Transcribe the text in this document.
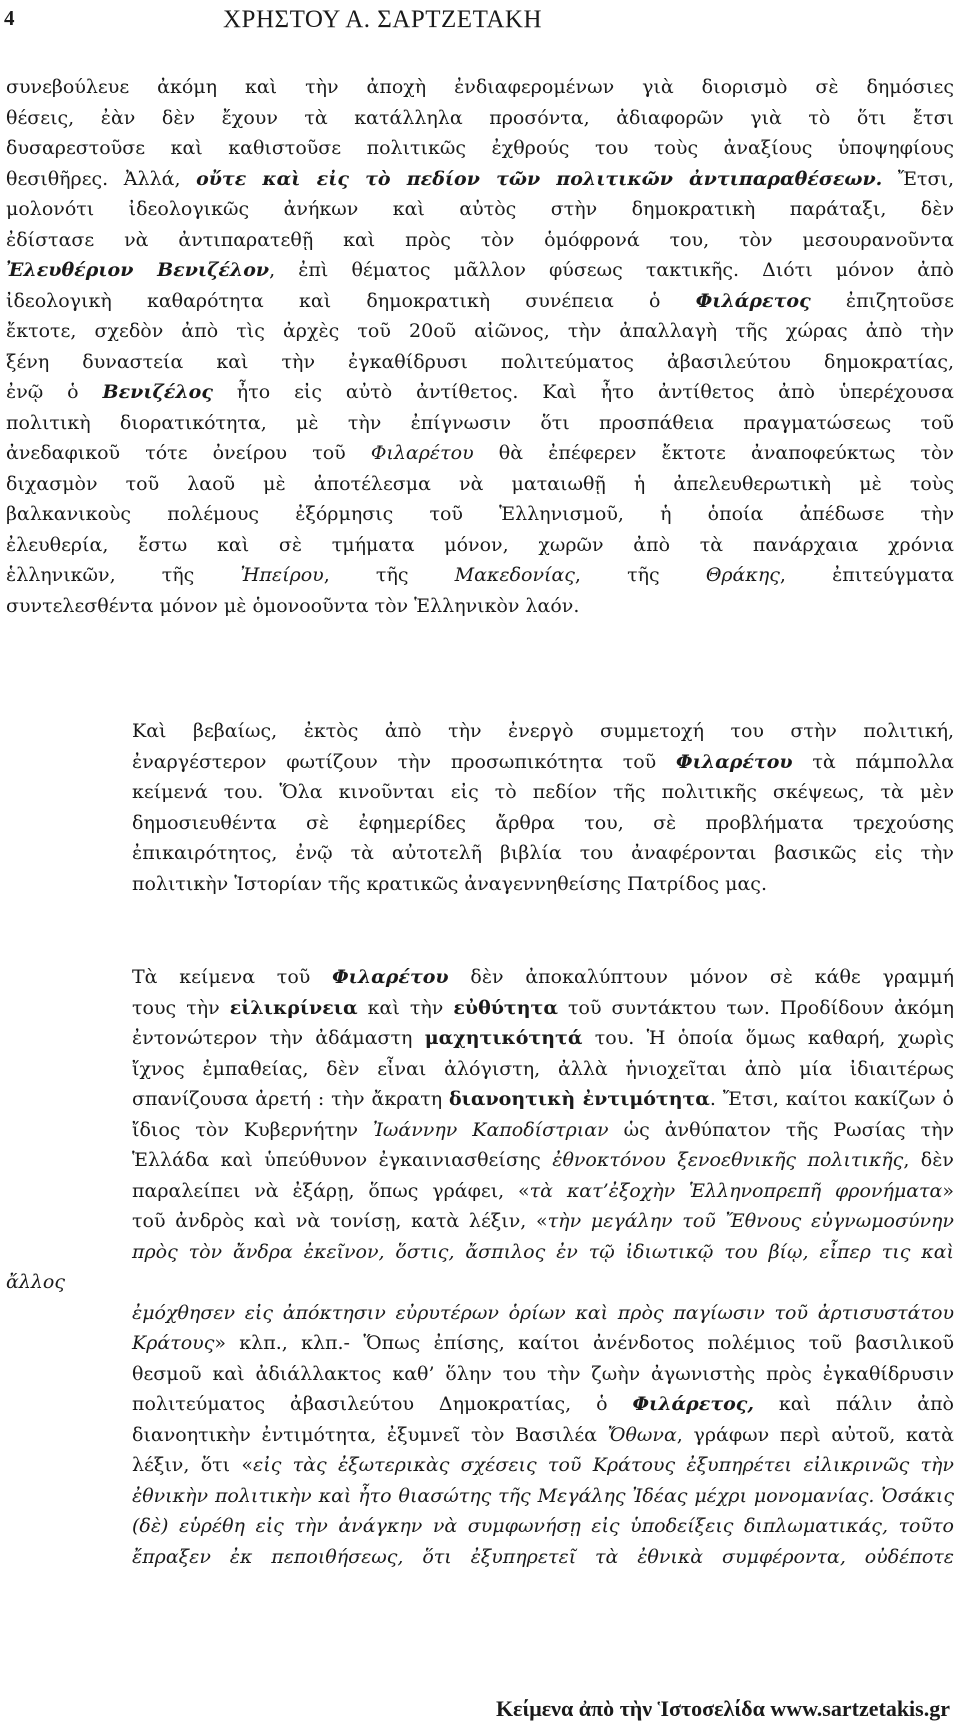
4	ΧΡΗΣΤΟΥ Α. ΣΑΡΤΖΕΤΑΚΗ
συνεβούλευε ἀκόμη καὶ τὴν ἀποχὴ ἐνδιαφερομένων γιὰ διορισμὸ σὲ δημόσιες
θέσεις, ἐὰν δὲν ἔχουν τὰ κατάλληλα προσόντα, ἀδιαφορῶν γιὰ τὸ ὅτι ἔτσι
δυσαρεστοῦσε καὶ καθιστοῦσε πολιτικῶς ἐχθρούς του τοὺς ἀναξίους ὑποψηφίους
θεσιθῆρες. Ἀλλά, οὔτε καὶ εἰς τὸ πεδίον τῶν πολιτικῶν ἀντιπαραθέσεων. Ἔτσι,
μολονότι ἰδεολογικῶς ἀνήκων καὶ αὐτὸς στὴν δημοκρατικὴ παράταξι, δὲν
ἐδίστασε νὰ ἀντιπαρατεθῇ καὶ πρὸς τὸν ὁμόφρονά του, τὸν μεσουρανοῦντα
Ἐλευθέριον Βενιζέλον, ἐπὶ θέματος μᾶλλον φύσεως τακτικῆς. Διότι μόνον ἀπὸ
ἰδεολογικὴ καθαρότητα καὶ δημοκρατικὴ συνέπεια ὁ Φιλάρετος ἐπιζητοῦσε
ἔκτοτε, σχεδὸν ἀπὸ τὶς ἀρχὲς τοῦ 20οῦ αἰῶνος, τὴν ἀπαλλαγὴ τῆς χώρας ἀπὸ τὴν
ξένη δυναστεία καὶ τὴν ἐγκαθίδρυσι πολιτεύματος ἀβασιλεύτου δημοκρατίας,
ἐνῷ ὁ Βενιζέλος ἦτο εἰς αὐτὸ ἀντίθετος. Καὶ ἦτο ἀντίθετος ἀπὸ ὑπερέχουσα
πολιτικὴ διορατικότητα, μὲ τὴν ἐπίγνωσιν ὅτι προσπάθεια πραγματώσεως τοῦ
ἀνεδαφικοῦ τότε ὀνείρου τοῦ Φιλαρέτου θὰ ἐπέφερεν ἔκτοτε ἀναποφεύκτως τὸν
διχασμὸν τοῦ λαοῦ μὲ ἀποτέλεσμα νὰ ματαιωθῇ ἡ ἀπελευθερωτικὴ μὲ τοὺς
βαλκανικοὺς πολέμους ἐξόρμησις τοῦ Ἑλληνισμοῦ, ἡ ὁποία ἀπέδωσε τὴν
ἐλευθερία, ἔστω καὶ σὲ τμήματα μόνον, χωρῶν ἀπὸ τὰ πανάρχαια χρόνια
ἑλληνικῶν, τῆς Ἠπείρου, τῆς Μακεδονίας, τῆς Θράκης, ἐπιτεύγματα
συντελεσθέντα μόνον μὲ ὁμονοοῦντα τὸν Ἑλληνικὸν λαόν.
Καὶ βεβαίως, ἐκτὸς ἀπὸ τὴν ἐνεργὸ συμμετοχή του στὴν πολιτική,
ἐναργέστερον φωτίζουν τὴν προσωπικότητα τοῦ Φιλαρέτου τὰ πάμπολλα
κείμενά του. Ὅλα κινοῦνται εἰς τὸ πεδίον τῆς πολιτικῆς σκέψεως, τὰ μὲν
δημοσιευθέντα σὲ ἐφημερίδες ἄρθρα του, σὲ προβλήματα τρεχούσης
ἐπικαιρότητος, ἐνῷ τὰ αὐτοτελῆ βιβλία του ἀναφέρονται βασικῶς εἰς τὴν
πολιτικὴν Ἱστορίαν τῆς κρατικῶς ἀναγεννηθείσης Πατρίδος μας.
Τὰ κείμενα τοῦ Φιλαρέτου δὲν ἀποκαλύπτουν μόνον σὲ κάθε γραμμή
τους τὴν εἰλικρίνεια καὶ τὴν εὐθύτητα τοῦ συντάκτου των. Προδίδουν ἀκόμη
ἐντονώτερον τὴν ἀδάμαστη μαχητικότητά του. Ἡ ὁποία ὅμως καθαρή, χωρὶς
ἴχνος ἐμπαθείας, δὲν εἶναι ἀλόγιστη, ἀλλὰ ἡνιοχεῖται ἀπὸ μία ἰδιαιτέρως
σπανίζουσα ἀρετή : τὴν ἄκρατη διανοητικὴ ἐντιμότητα. Ἔτσι, καίτοι κακίζων ὁ
ἴδιος τὸν Κυβερνήτην Ἰωάννην Καποδίστριαν ὡς ἀνθύπατον τῆς Ρωσίας τὴν
Ἑλλάδα καὶ ὑπεύθυνον ἐγκαινιασθείσης ἐθνοκτόνου ξενοεθνικῆς πολιτικῆς, δὲν
παραλείπει νὰ ἐξάρῃ, ὅπως γράφει, «τὰ κατ’ἐξοχὴν Ἑλληνοπρεπῆ φρονήματα»
τοῦ ἀνδρὸς καὶ νὰ τονίσῃ, κατὰ λέξιν, «τὴν μεγάλην τοῦ Ἔθνους εὐγνωμοσύνην
πρὸς τὸν ἄνδρα ἐκεῖνον, ὅστις, ἄσπιλος ἐν τῷ ἰδιωτικῷ του βίῳ, εἶπερ τις καὶ ἄλλος
ἐμόχθησεν εἰς ἀπόκτησιν εὐρυτέρων ὁρίων καὶ πρὸς παγίωσιν τοῦ ἀρτισυστάτου
Κράτους» κλπ., κλπ.- Ὅπως ἐπίσης, καίτοι ἀνένδοτος πολέμιος τοῦ βασιλικοῦ
θεσμοῦ καὶ ἀδιάλλακτος καθ’ ὅλην του τὴν ζωὴν ἀγωνιστὴς πρὸς ἐγκαθίδρυσιν
πολιτεύματος ἀβασιλεύτου Δημοκρατίας, ὁ Φιλάρετος, καὶ πάλιν ἀπὸ
διανοητικὴν ἐντιμότητα, ἐξυμνεῖ τὸν Βασιλέα Ὄθωνα, γράφων περὶ αὐτοῦ, κατὰ
λέξιν, ὅτι «εἰς τὰς ἐξωτερικὰς σχέσεις τοῦ Κράτους ἐξυπηρέτει εἰλικρινῶς τὴν
ἐθνικὴν πολιτικὴν καὶ ἦτο θιασώτης τῆς Μεγάλης Ἰδέας μέχρι μονομανίας. Ὁσάκις
(δὲ) εὑρέθη εἰς τὴν ἀνάγκην νὰ συμφωνήσῃ εἰς ὑποδείξεις διπλωματικάς, τοῦτο
ἔπραξεν ἐκ πεποιθήσεως, ὅτι ἐξυπηρετεῖ τὰ ἐθνικὰ συμφέροντα, οὐδέποτε
Κείμενα ἀπὸ τὴν Ἱστοσελίδα www.sartzetakis.gr
